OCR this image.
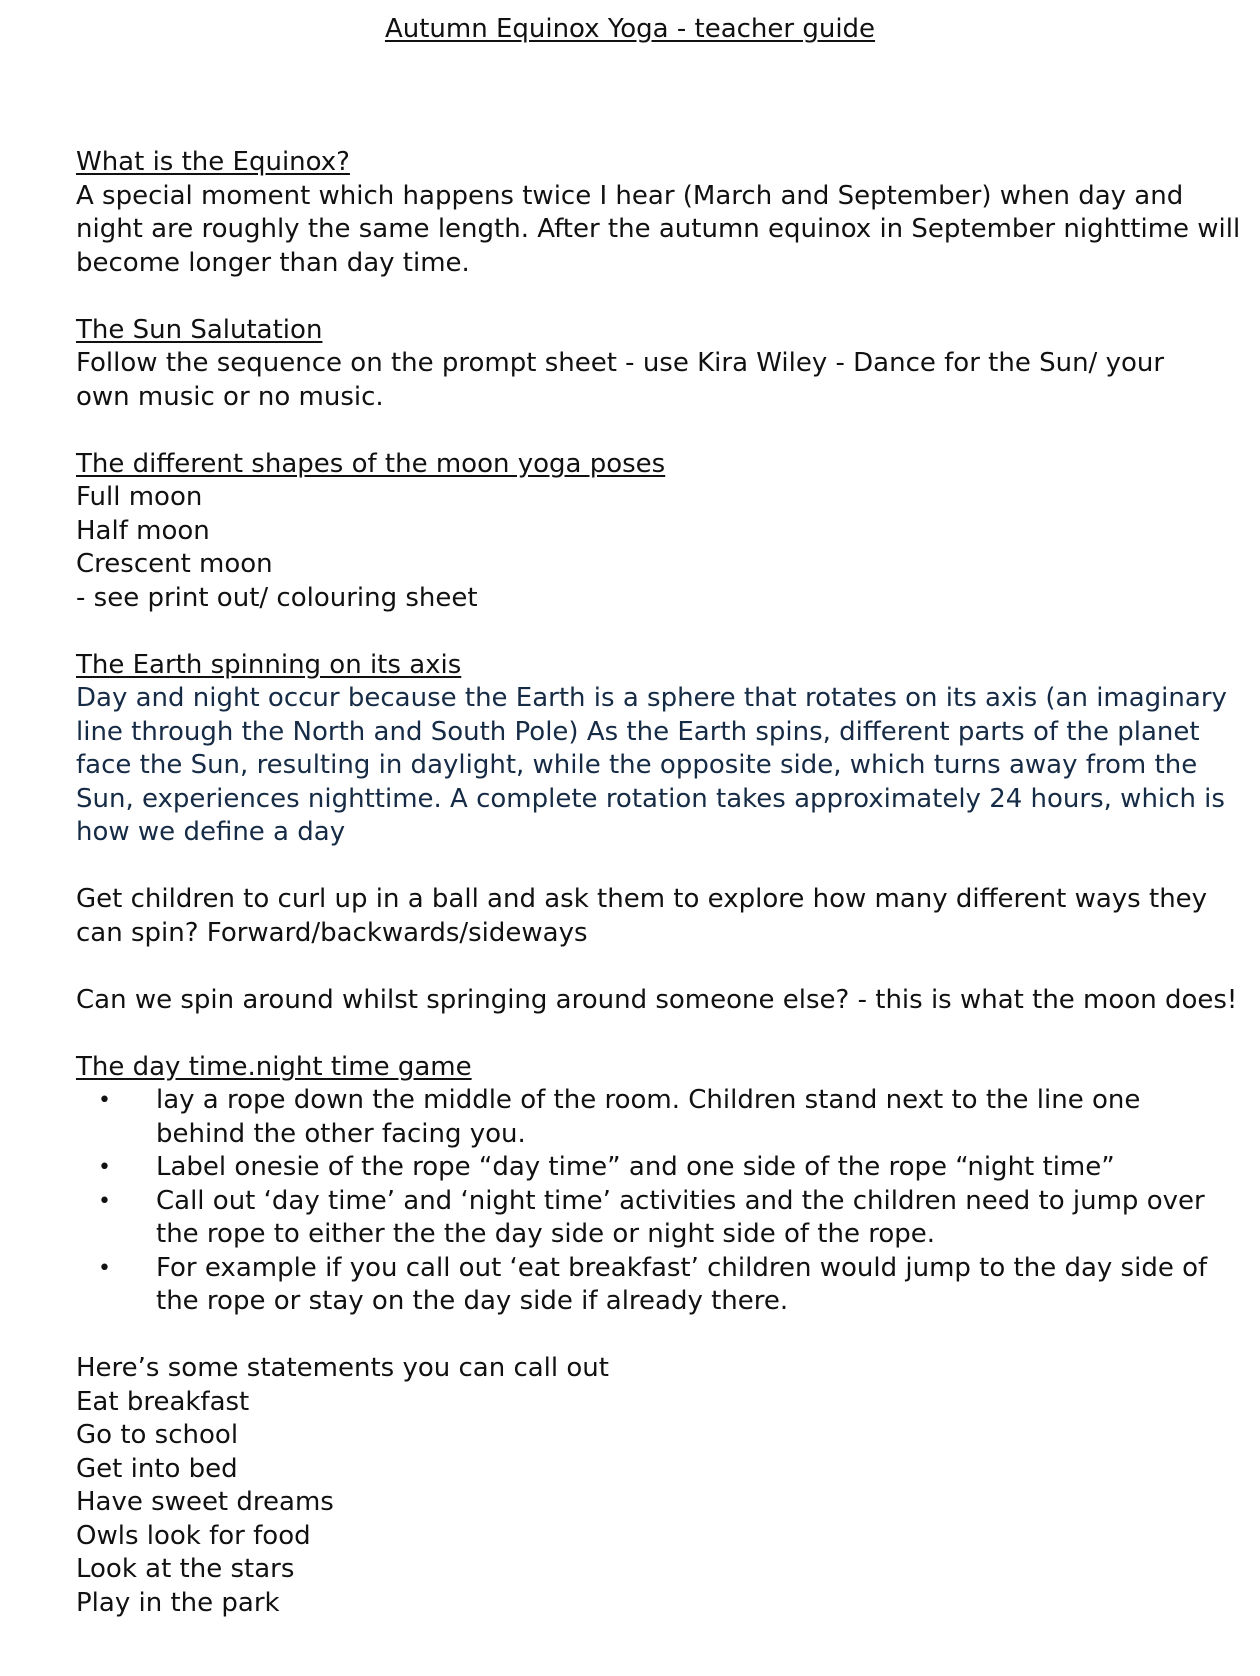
Autumn Equinox Yoga - teacher guide
What is the Equinox?
A special moment which happens twice I hear (March and September) when day and
night are roughly the same length. After the autumn equinox in September nighttime will
become longer than day time.
The Sun Salutation
Follow the sequence on the prompt sheet - use Kira Wiley - Dance for the Sun/ your
own music or no music.
The different shapes of the moon yoga poses
Full moon
Half moon
Crescent moon
- see print out/ colouring sheet
The Earth spinning on its axis
Day and night occur because the Earth is a sphere that rotates on its axis (an imaginary
line through the North and South Pole) As the Earth spins, different parts of the planet
face the Sun, resulting in daylight, while the opposite side, which turns away from the
Sun, experiences nighttime. A complete rotation takes approximately 24 hours, which is
how we define a day
Get children to curl up in a ball and ask them to explore how many different ways they
can spin? Forward/backwards/sideways
Can we spin around whilst springing around someone else? - this is what the moon does!
The day time.night time game
• lay a rope down the middle of the room. Children stand next to the line one
behind the other facing you.
• Label onesie of the rope “day time” and one side of the rope “night time”
• Call out ‘day time’ and ‘night time’ activities and the children need to jump over
the rope to either the the day side or night side of the rope.
• For example if you call out ‘eat breakfast’ children would jump to the day side of
the rope or stay on the day side if already there.
Here’s some statements you can call out
Eat breakfast
Go to school
Get into bed
Have sweet dreams
Owls look for food
Look at the stars
Play in the park
